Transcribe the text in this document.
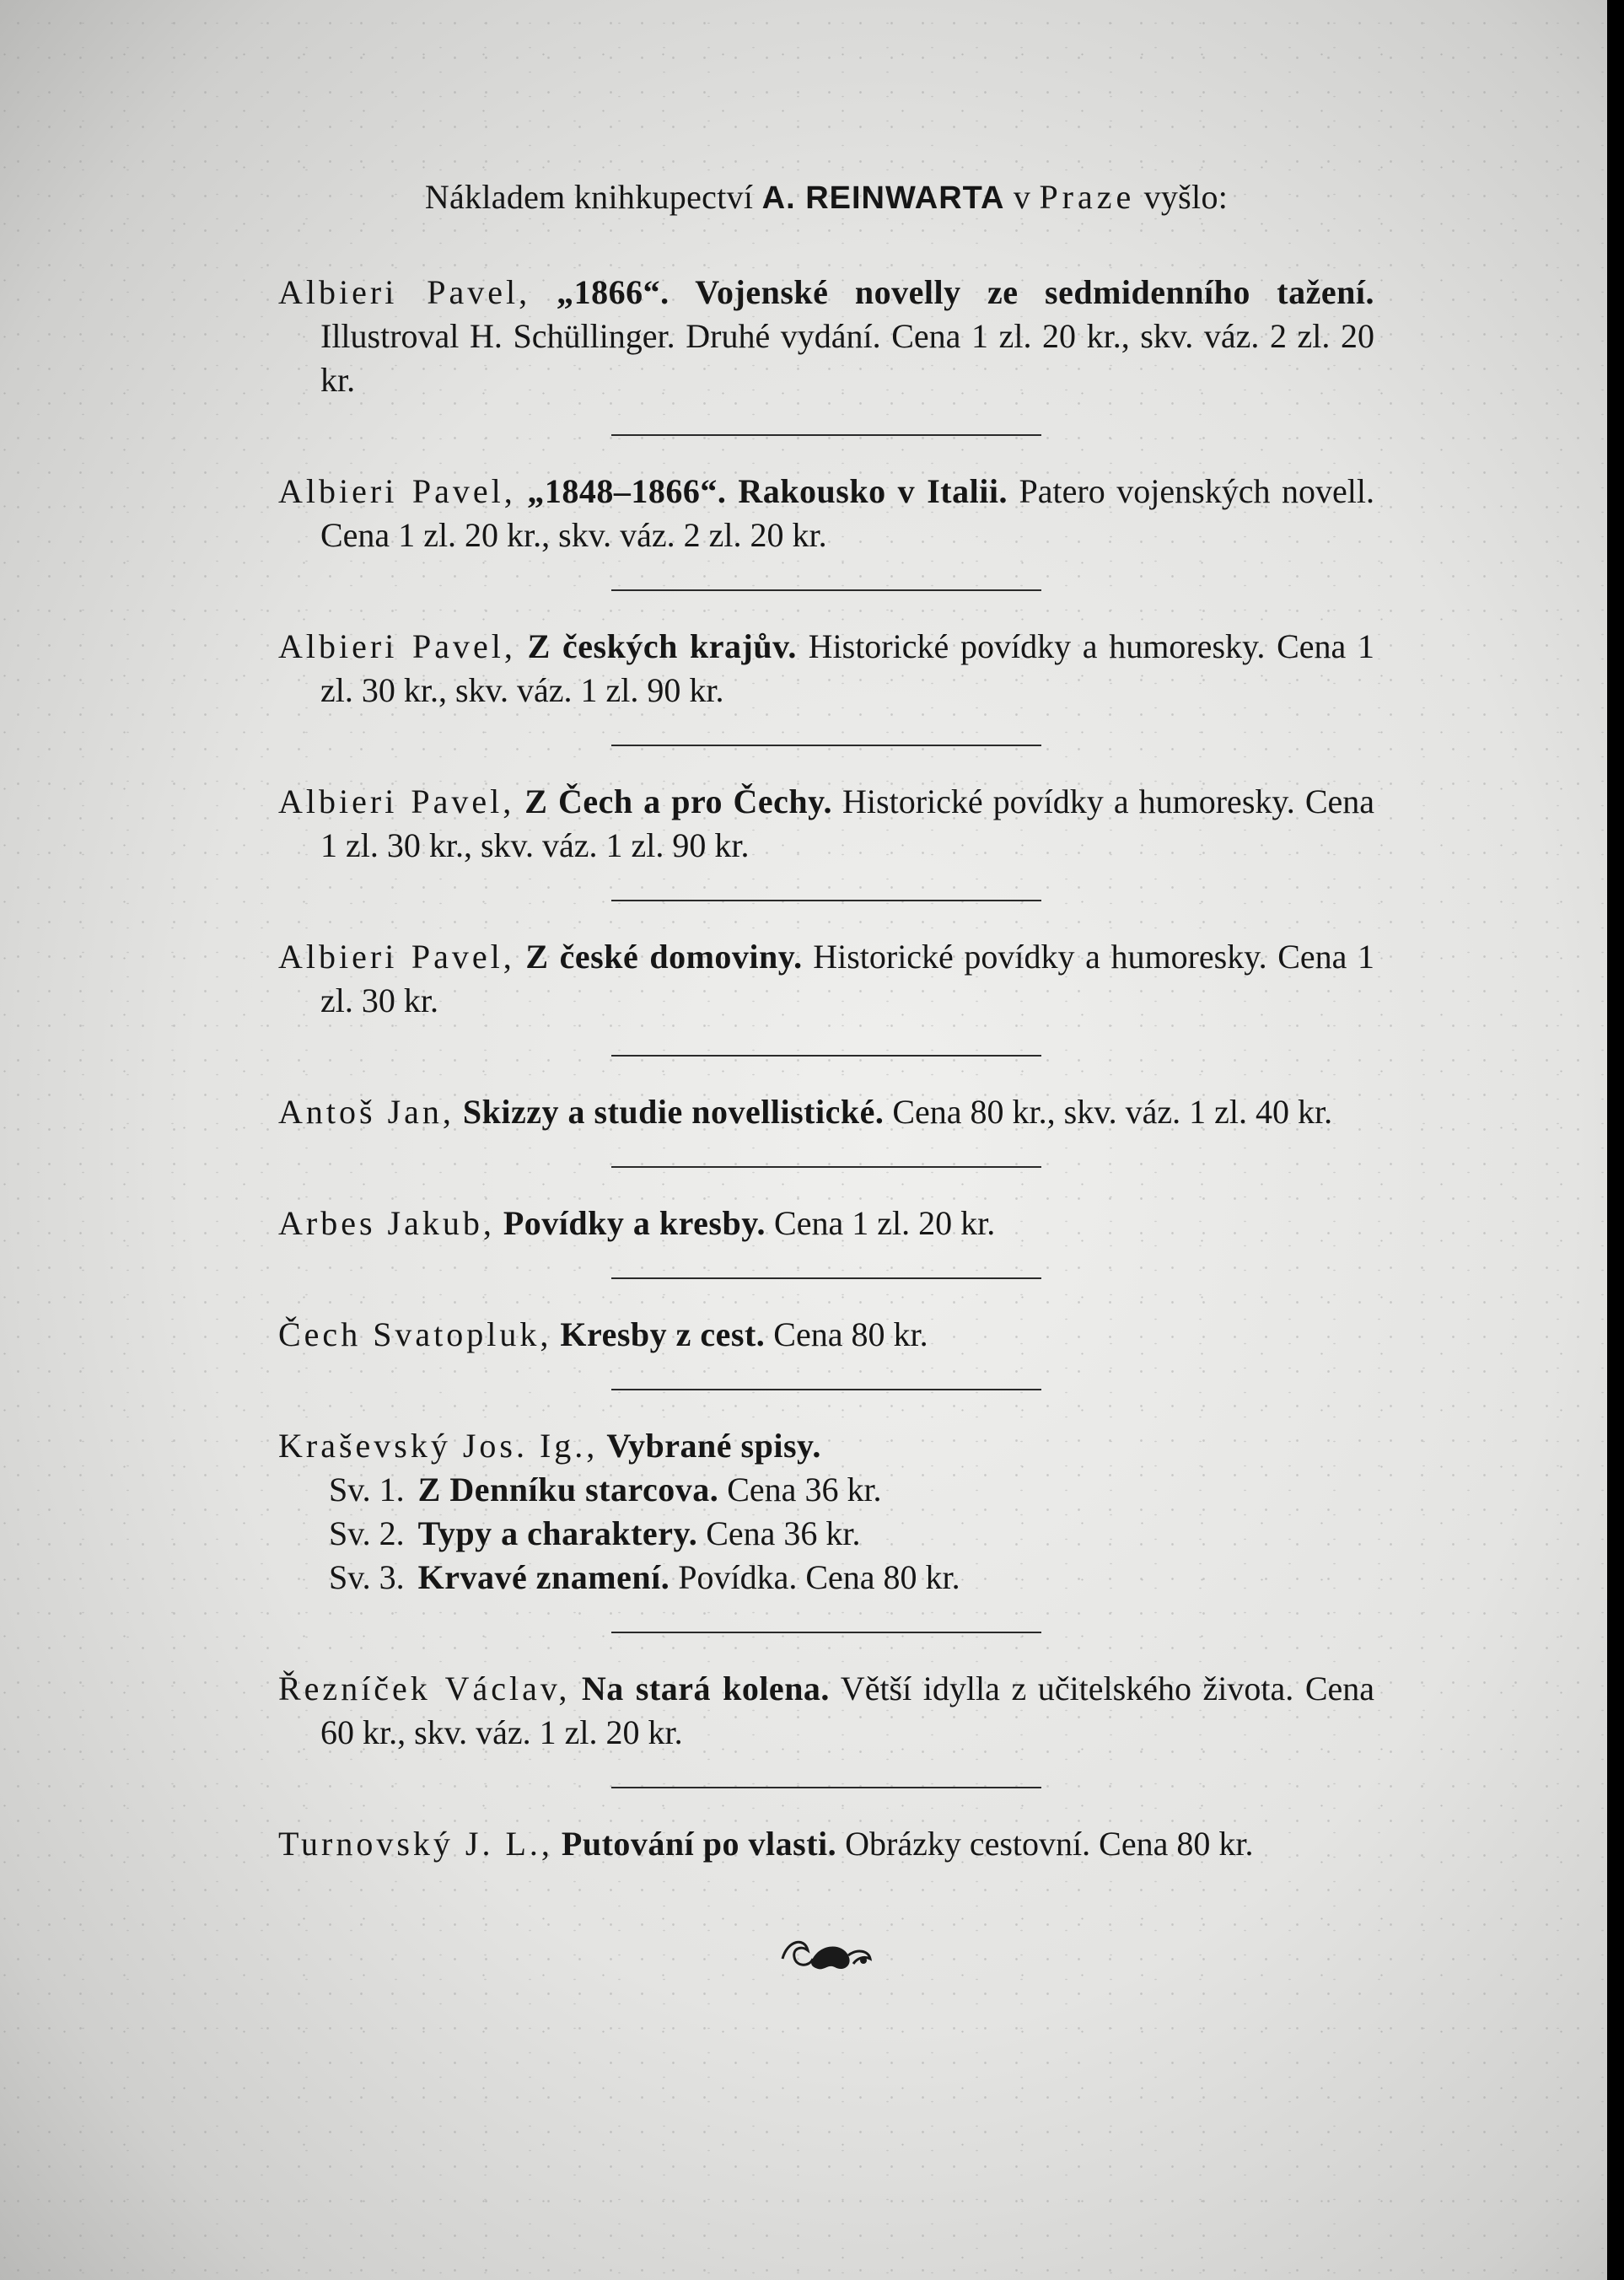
Nákladem knihkupectví A. REINWARTA v Praze vyšlo:
Albieri Pavel, „1866“. Vojenské novelly ze sedmidenního tažení. Illustroval H. Schüllinger. Druhé vydání. Cena 1 zl. 20 kr., skv. váz. 2 zl. 20 kr.
Albieri Pavel, „1848–1866“. Rakousko v Italii. Patero vojenských novell. Cena 1 zl. 20 kr., skv. váz. 2 zl. 20 kr.
Albieri Pavel, Z českých krajův. Historické povídky a humoresky. Cena 1 zl. 30 kr., skv. váz. 1 zl. 90 kr.
Albieri Pavel, Z Čech a pro Čechy. Historické povídky a humoresky. Cena 1 zl. 30 kr., skv. váz. 1 zl. 90 kr.
Albieri Pavel, Z české domoviny. Historické povídky a humoresky. Cena 1 zl. 30 kr.
Antoš Jan, Skizzy a studie novellistické. Cena 80 kr., skv. váz. 1 zl. 40 kr.
Arbes Jakub, Povídky a kresby. Cena 1 zl. 20 kr.
Čech Svatopluk, Kresby z cest. Cena 80 kr.
Kraševský Jos. Ig., Vybrané spisy.
Sv. 1. Z Denníku starcova. Cena 36 kr.
Sv. 2. Typy a charaktery. Cena 36 kr.
Sv. 3. Krvavé znamení. Povídka. Cena 80 kr.
Řezníček Václav, Na stará kolena. Větší idylla z učitelského života. Cena 60 kr., skv. váz. 1 zl. 20 kr.
Turnovský J. L., Putování po vlasti. Obrázky cestovní. Cena 80 kr.
